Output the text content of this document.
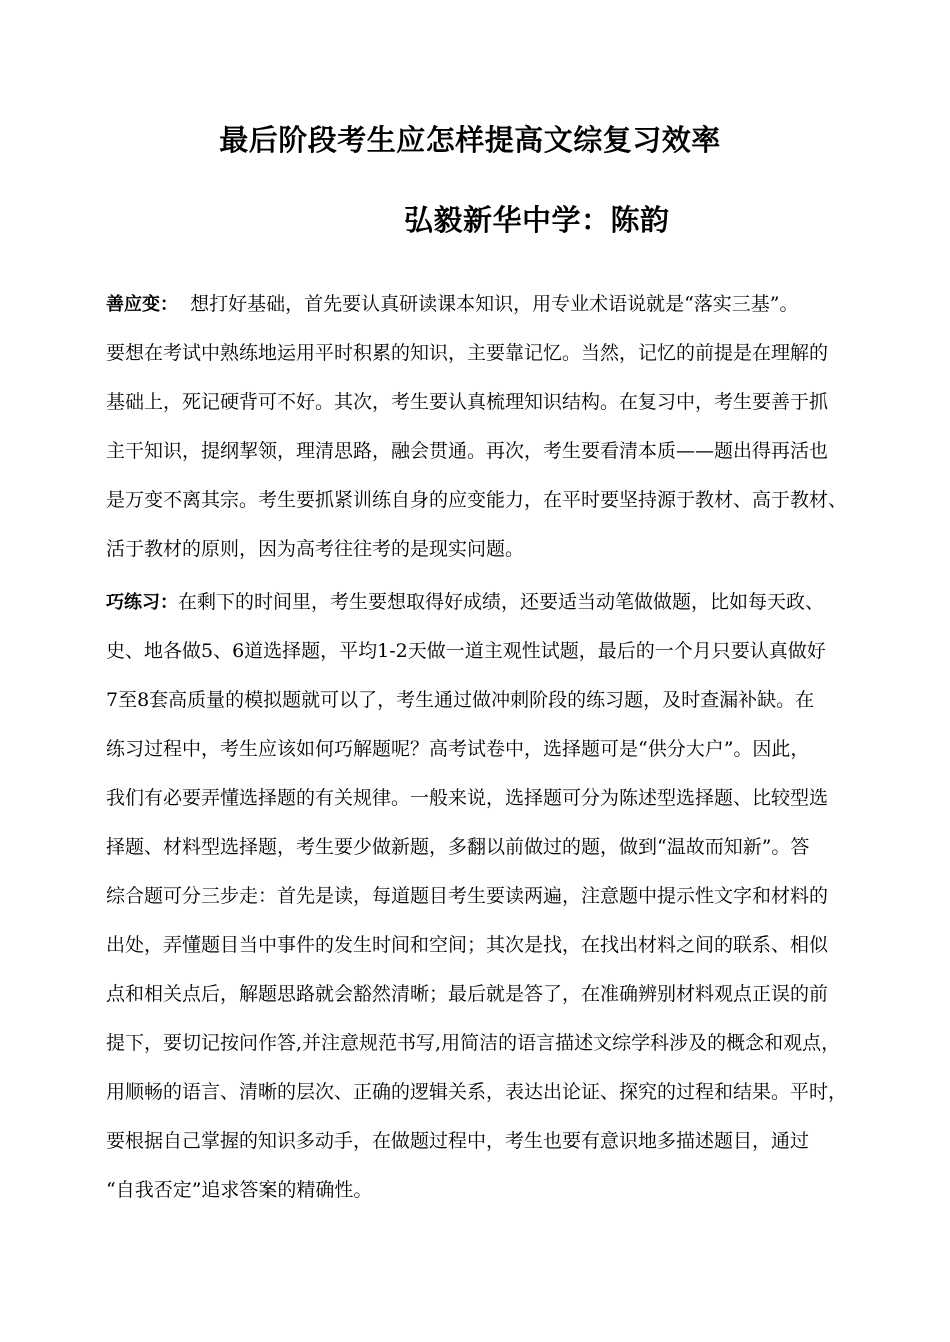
最后阶段考生应怎样提高文综复习效率
弘毅新华中学：陈韵
善应变：  想打好基础，首先要认真研读课本知识，用专业术语说就是“落实三基”。
要想在考试中熟练地运用平时积累的知识，主要靠记忆。当然，记忆的前提是在理解的
基础上，死记硬背可不好。其次，考生要认真梳理知识结构。在复习中，考生要善于抓
主干知识，提纲挈领，理清思路，融会贯通。再次，考生要看清本质——题出得再活也
是万变不离其宗。考生要抓紧训练自身的应变能力，在平时要坚持源于教材、高于教材、
活于教材的原则，因为高考往往考的是现实问题。
巧练习：在剩下的时间里，考生要想取得好成绩，还要适当动笔做做题，比如每天政、
史、地各做5、6道选择题，平均1-2天做一道主观性试题，最后的一个月只要认真做好
7至8套高质量的模拟题就可以了，考生通过做冲刺阶段的练习题，及时查漏补缺。在
练习过程中，考生应该如何巧解题呢？高考试卷中，选择题可是“供分大户”。因此，
我们有必要弄懂选择题的有关规律。一般来说，选择题可分为陈述型选择题、比较型选
择题、材料型选择题，考生要少做新题，多翻以前做过的题，做到“温故而知新”。答
综合题可分三步走：首先是读，每道题目考生要读两遍，注意题中提示性文字和材料的
出处，弄懂题目当中事件的发生时间和空间；其次是找，在找出材料之间的联系、相似
点和相关点后，解题思路就会豁然清晰；最后就是答了，在准确辨别材料观点正误的前
提下，要切记按问作答,并注意规范书写,用简洁的语言描述文综学科涉及的概念和观点，
用顺畅的语言、清晰的层次、正确的逻辑关系，表达出论证、探究的过程和结果。平时，
要根据自己掌握的知识多动手，在做题过程中，考生也要有意识地多描述题目，通过
“自我否定”追求答案的精确性。
